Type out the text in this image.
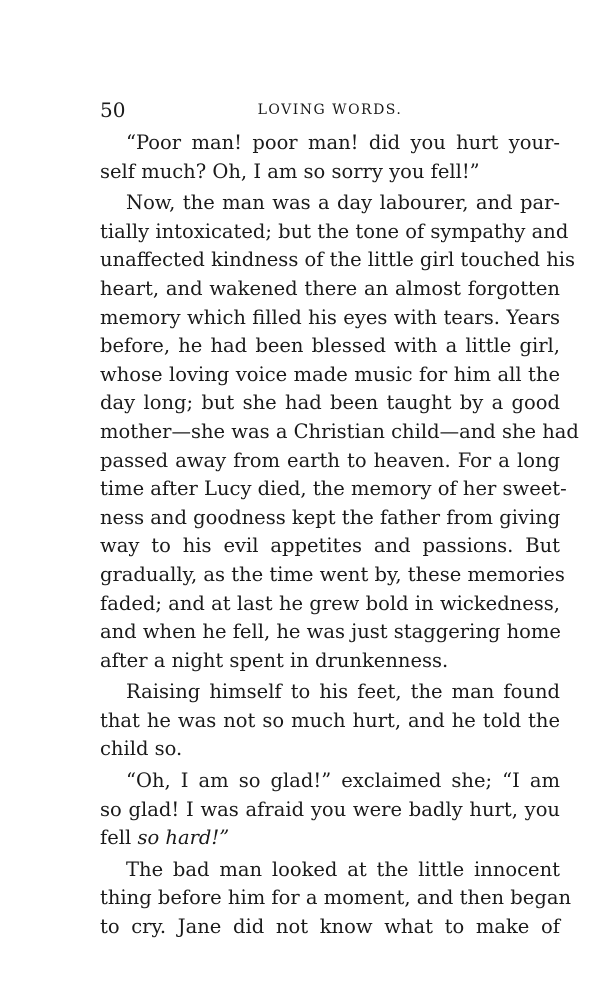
50	LOVING WORDS.
“Poor man! poor man! did you hurt your-
self much? Oh, I am so sorry you fell!”
Now, the man was a day labourer, and par-
tially intoxicated; but the tone of sympathy and
unaffected kindness of the little girl touched his
heart, and wakened there an almost forgotten
memory which filled his eyes with tears. Years
before, he had been blessed with a little girl,
whose loving voice made music for him all the
day long; but she had been taught by a good
mother—she was a Christian child—and she had
passed away from earth to heaven. For a long
time after Lucy died, the memory of her sweet-
ness and goodness kept the father from giving
way to his evil appetites and passions. But
gradually, as the time went by, these memories
faded; and at last he grew bold in wickedness,
and when he fell, he was just staggering home
after a night spent in drunkenness.
Raising himself to his feet, the man found
that he was not so much hurt, and he told the
child so.
“Oh, I am so glad!” exclaimed she; “I am
so glad! I was afraid you were badly hurt, you
fell so hard!”
The bad man looked at the little innocent
thing before him for a moment, and then began
to cry. Jane did not know what to make of
